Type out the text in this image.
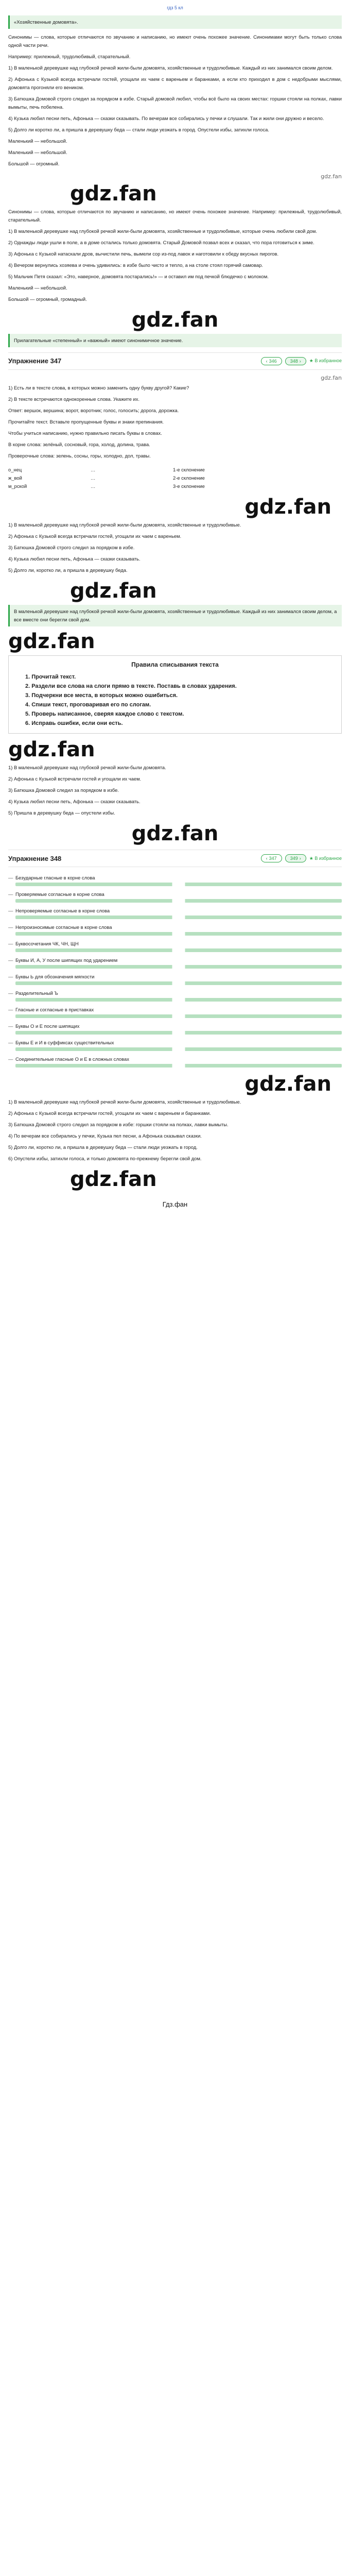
гдз 5 кл
«Хозяйственные домовята».
Синонимы — слова, которые отличаются по звучанию и написанию, но имеют очень похожее значение. Синонимами могут быть только слова одной части речи.
Например: прилежный, трудолюбивый, старательный.
1) В маленькой деревушке над глубокой речкой жили-были домовята, хозяйственные и трудолюбивые. Каждый из них занимался своим делом.
2) Афонька с Кузькой всегда встречали гостей, угощали их чаем с вареньем и баранками, а если кто приходил в дом с недобрыми мыслями, домовята прогоняли его веником.
3) Батюшка Домовой строго следил за порядком в избе. Старый домовой любил, чтобы всё было на своих местах: горшки стояли на полках, лавки вымыты, печь побелена.
4) Кузька любил песни петь, Афонька — сказки сказывать. По вечерам все собирались у печки и слушали. Так и жили они дружно и весело.
5) Долго ли коротко ли, а пришла в деревушку беда — стали люди уезжать в город. Опустели избы, затихли голоса.
Маленький — небольшой.
Маленький — небольшой.
Большой — огромный.
gdz.fan
gdz.fan
Синонимы — слова, которые отличаются по звучанию и написанию, но имеют очень похожее значение. Например: прилежный, трудолюбивый, старательный.
1) В маленькой деревушке над глубокой речкой жили-были домовята, хозяйственные и трудолюбивые, которые очень любили свой дом.
2) Однажды люди ушли в поле, а в доме остались только домовята. Старый Домовой позвал всех и сказал, что пора готовиться к зиме.
3) Афонька с Кузькой натаскали дров, вычистили печь, вымели сор из-под лавок и наготовили к обеду вкусных пирогов.
4) Вечером вернулись хозяева и очень удивились: в избе было чисто и тепло, а на столе стоял горячий самовар.
5) Мальчик Петя сказал: «Это, наверное, домовята постарались!» — и оставил им под печкой блюдечко с молоком.
Маленький — небольшой.
Большой — огромный, громадный.
gdz.fan
Прилагательные «степенный» и «важный» имеют синонимичное значение.
Упражнение 347	‹ 346	348 › ★ В избранное
gdz.fan
1) Есть ли в тексте слова, в которых можно заменить одну букву другой? Какие?
2) В тексте встречаются однокоренные слова. Укажите их.
Ответ: вершок, вершина; ворот, воротник; голос, голосить; дорога, дорожка.
Прочитайте текст. Вставьте пропущенные буквы и знаки препинания.
Чтобы учиться написанию, нужно правильно писать буквы в словах.
В корне слова: зелёный, сосновый, гора, холод, долина, трава.
Проверочные слова: зелень, сосны, горы, холодно, дол, травы.
о_нец	…	1-е склонение
ж_вой	…	2-е склонение
м_рской	…	3-е склонение
gdz.fan
1) В маленькой деревушке над глубокой речкой жили-были домовята, хозяйственные и трудолюбивые.
2) Афонька с Кузькой всегда встречали гостей, угощали их чаем с вареньем.
3) Батюшка Домовой строго следил за порядком в избе.
4) Кузька любил песни петь, Афонька — сказки сказывать.
5) Долго ли, коротко ли, а пришла в деревушку беда.
gdz.fan
В маленькой деревушке над глубокой речкой жили-были домовята, хозяйственные и трудолюбивые. Каждый из них занимался своим делом, а все вместе они берегли свой дом.
gdz.fan
Правила списывания текста
1. Прочитай текст.
2. Раздели все слова на слоги прямо в тексте. Поставь в словах ударения.
3. Подчеркни все места, в которых можно ошибиться.
4. Спиши текст, проговаривая его по слогам.
5. Проверь написанное, сверяя каждое слово с текстом.
6. Исправь ошибки, если они есть.
gdz.fan
1) В маленькой деревушке над глубокой речкой жили-были домовята.
2) Афонька с Кузькой встречали гостей и угощали их чаем.
3) Батюшка Домовой следил за порядком в избе.
4) Кузька любил песни петь, Афонька — сказки сказывать.
5) Пришла в деревушку беда — опустели избы.
gdz.fan
Упражнение 348	‹ 347	349 › ★ В избранное
— Безударные гласные в корне слова
— Проверяемые согласные в корне слова
— Непроверяемые согласные в корне слова
— Непроизносимые согласные в корне слова
— Буквосочетания ЧК, ЧН, ЩН
— Буквы И, А, У после шипящих под ударением
— Буквы Ь для обозначения мягкости
— Разделительный Ъ
— Гласные и согласные в приставках
— Буквы О и Е после шипящих
— Буквы Е и И в суффиксах существительных
— Соединительные гласные О и Е в сложных словах
gdz.fan
1) В маленькой деревушке над глубокой речкой жили-были домовята, хозяйственные и трудолюбивые.
2) Афонька с Кузькой всегда встречали гостей, угощали их чаем с вареньем и баранками.
3) Батюшка Домовой строго следил за порядком в избе: горшки стояли на полках, лавки вымыты.
4) По вечерам все собирались у печки, Кузька пел песни, а Афонька сказывал сказки.
5) Долго ли, коротко ли, а пришла в деревушку беда — стали люди уезжать в город.
6) Опустели избы, затихли голоса, и только домовята по-прежнему берегли свой дом.
gdz.fan
Гдз.фан
